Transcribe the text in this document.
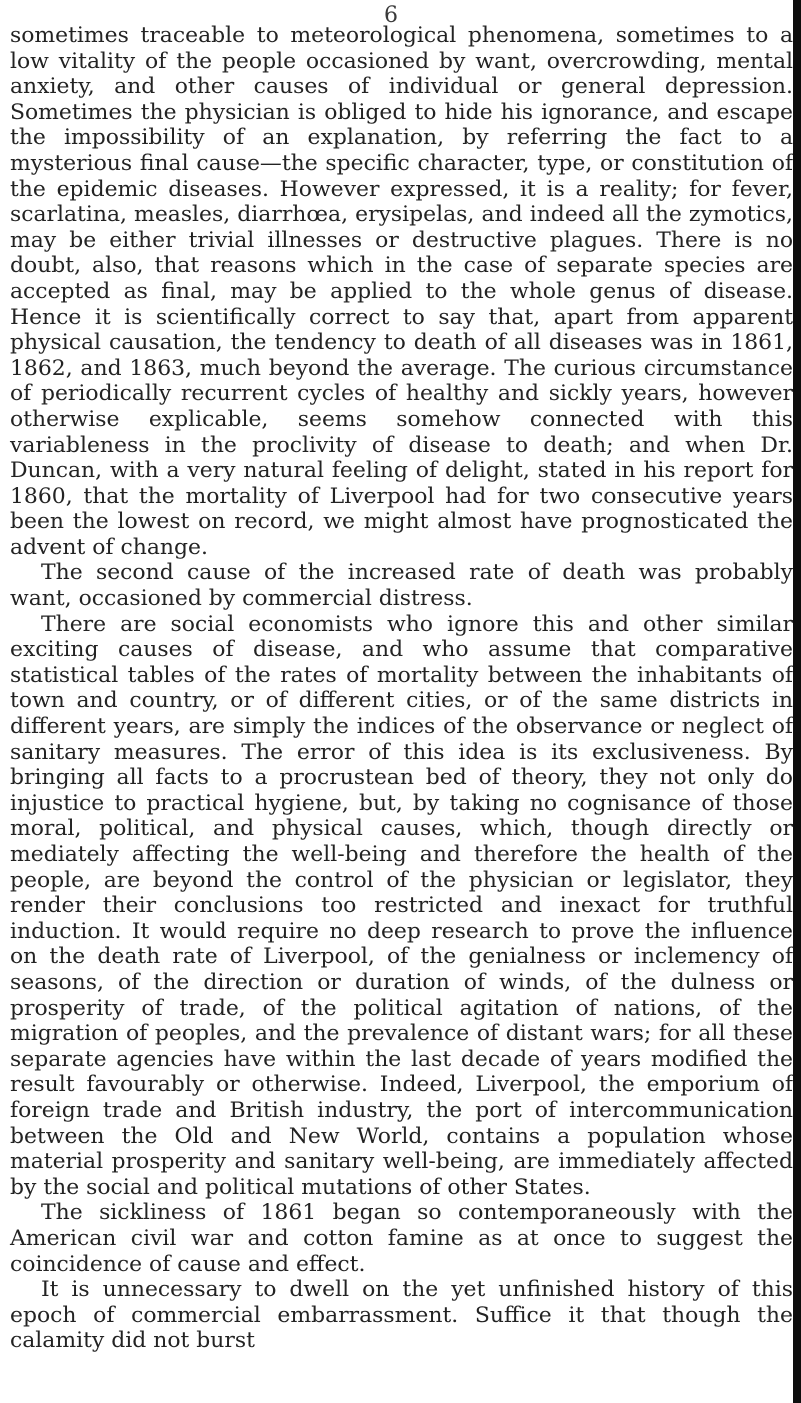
6

sometimes traceable to meteorological phenomena, sometimes to a low vitality of the people occasioned by want, overcrowding, mental anxiety, and other causes of individual or general depression. Sometimes the physician is obliged to hide his ignorance, and escape the impossibility of an explanation, by referring the fact to a mysterious final cause—the specific character, type, or constitution of the epidemic diseases. However expressed, it is a reality; for fever, scarlatina, measles, diarrhœa, erysipelas, and indeed all the zymotics, may be either trivial illnesses or destructive plagues. There is no doubt, also, that reasons which in the case of separate species are accepted as final, may be applied to the whole genus of disease. Hence it is scientifically correct to say that, apart from apparent physical causation, the tendency to death of all diseases was in 1861, 1862, and 1863, much beyond the average. The curious circumstance of periodically recurrent cycles of healthy and sickly years, however otherwise explicable, seems somehow connected with this variableness in the proclivity of disease to death; and when Dr. Duncan, with a very natural feeling of delight, stated in his report for 1860, that the mortality of Liverpool had for two consecutive years been the lowest on record, we might almost have prognosticated the advent of change.

The second cause of the increased rate of death was probably want, occasioned by commercial distress.

There are social economists who ignore this and other similar exciting causes of disease, and who assume that comparative statistical tables of the rates of mortality between the inhabitants of town and country, or of different cities, or of the same districts in different years, are simply the indices of the observance or neglect of sanitary measures. The error of this idea is its exclusiveness. By bringing all facts to a procrustean bed of theory, they not only do injustice to practical hygiene, but, by taking no cognisance of those moral, political, and physical causes, which, though directly or mediately affecting the well-being and therefore the health of the people, are beyond the control of the physician or legislator, they render their conclusions too restricted and inexact for truthful induction. It would require no deep research to prove the influence on the death rate of Liverpool, of the genialness or inclemency of seasons, of the direction or duration of winds, of the dulness or prosperity of trade, of the political agitation of nations, of the migration of peoples, and the prevalence of distant wars; for all these separate agencies have within the last decade of years modified the result favourably or otherwise. Indeed, Liverpool, the emporium of foreign trade and British industry, the port of intercommunication between the Old and New World, contains a population whose material prosperity and sanitary well-being, are immediately affected by the social and political mutations of other States.

The sickliness of 1861 began so contemporaneously with the American civil war and cotton famine as at once to suggest the coincidence of cause and effect.

It is unnecessary to dwell on the yet unfinished history of this epoch of commercial embarrassment. Suffice it that though the calamity did not burst
